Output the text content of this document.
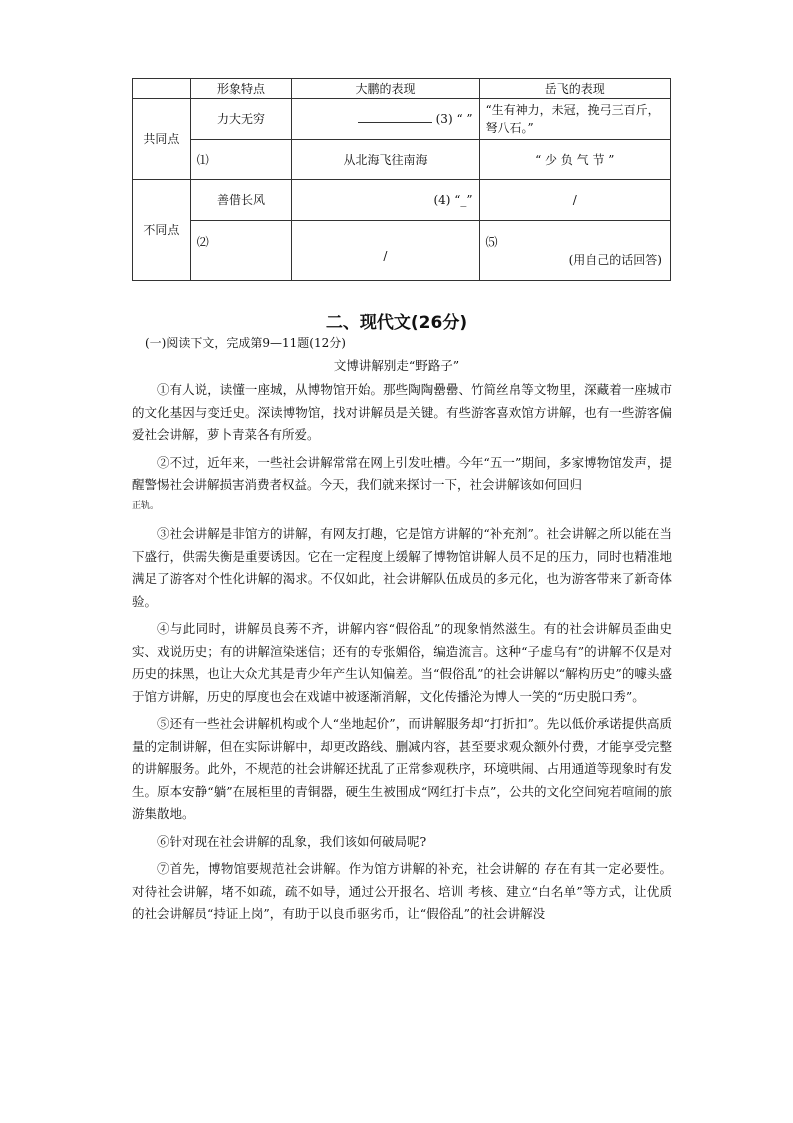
	形象特点	大鹏的表现	岳飞的表现
共同点	力大无穷	(3) “ ”	“生有神力，未冠，挽弓三百斤，弩八石。”
	⑴	从北海飞往南海	“ 少 负 气 节 ”
不同点	善借长风	(4) “_”	/
	⑵	/	⑸
(用自己的话回答)
二、现代文(26分)
(一)阅读下文，完成第9—11题(12分)
文博讲解别走“野路子”

①有人说，读懂一座城，从博物馆开始。那些陶陶罍罍、竹简丝帛等文物里，深藏着一座城市的文化基因与变迁史。深读博物馆，找对讲解员是关键。有些游客喜欢馆方讲解，也有一些游客偏爱社会讲解，萝卜青菜各有所爱。

②不过，近年来，一些社会讲解常常在网上引发吐槽。今年“五一”期间，多家博物馆发声，提醒警惕社会讲解损害消费者权益。今天，我们就来探讨一下，社会讲解该如何回归

正轨。

③社会讲解是非馆方的讲解，有网友打趣，它是馆方讲解的“补充剂”。社会讲解之所以能在当下盛行，供需失衡是重要诱因。它在一定程度上缓解了博物馆讲解人员不足的压力，同时也精准地满足了游客对个性化讲解的渴求。不仅如此，社会讲解队伍成员的多元化，也为游客带来了新奇体验。

④与此同时，讲解员良莠不齐，讲解内容“假俗乱”的现象悄然滋生。有的社会讲解员歪曲史实、戏说历史；有的讲解渲染迷信；还有的专张媚俗，编造流言。这种“子虚乌有”的讲解不仅是对历史的抹黑，也让大众尤其是青少年产生认知偏差。当“假俗乱”的社会讲解以“解构历史”的噱头盛于馆方讲解，历史的厚度也会在戏谑中被逐渐消解，文化传播沦为博人一笑的“历史脱口秀”。

⑤还有一些社会讲解机构或个人“坐地起价”，而讲解服务却“打折扣”。先以低价承诺提供高质量的定制讲解，但在实际讲解中，却更改路线、删减内容，甚至要求观众额外付费，才能享受完整的讲解服务。此外，不规范的社会讲解还扰乱了正常参观秩序，环境哄闹、占用通道等现象时有发生。原本安静“躺”在展柜里的青铜器，硬生生被围成“网红打卡点”，公共的文化空间宛若喧闹的旅游集散地。

⑥针对现在社会讲解的乱象，我们该如何破局呢?

⑦首先，博物馆要规范社会讲解。作为馆方讲解的补充，社会讲解的 存在有其一定必要性。对待社会讲解，堵不如疏，疏不如导，通过公开报名、培训 考核、建立“白名单”等方式，让优质的社会讲解员“持证上岗”，有助于以良币驱劣币，让“假俗乱”的社会讲解没
